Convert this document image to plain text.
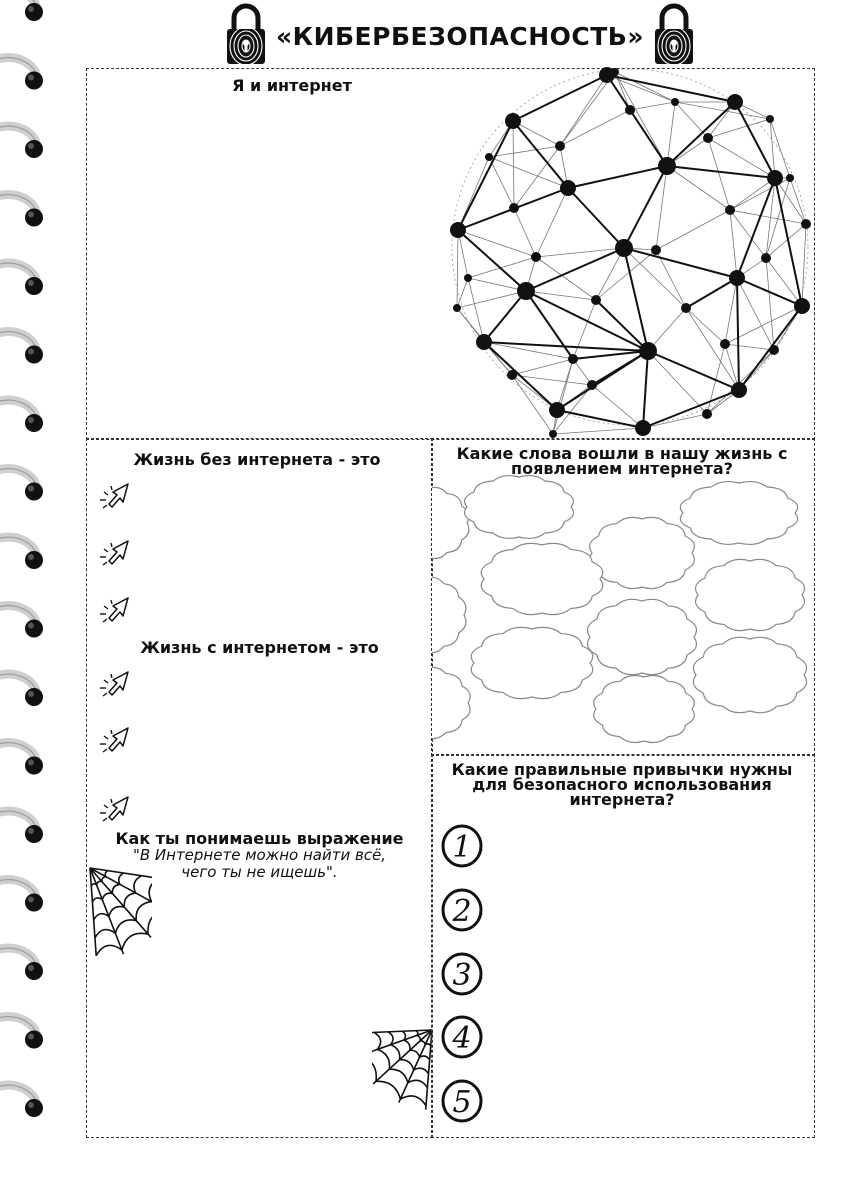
«КИБЕРБЕЗОПАСНОСТЬ»
Я и интернет
Жизнь без интернета - это
Жизнь с интернетом - это
Как ты понимаешь выражение
"В Интернете можно найти всё,
чего ты не ищешь".
Какие слова вошли в нашу жизнь с
появлением интернета?
Какие правильные привычки нужны
для безопасного использования
интернета?
1
2
3
4
5
